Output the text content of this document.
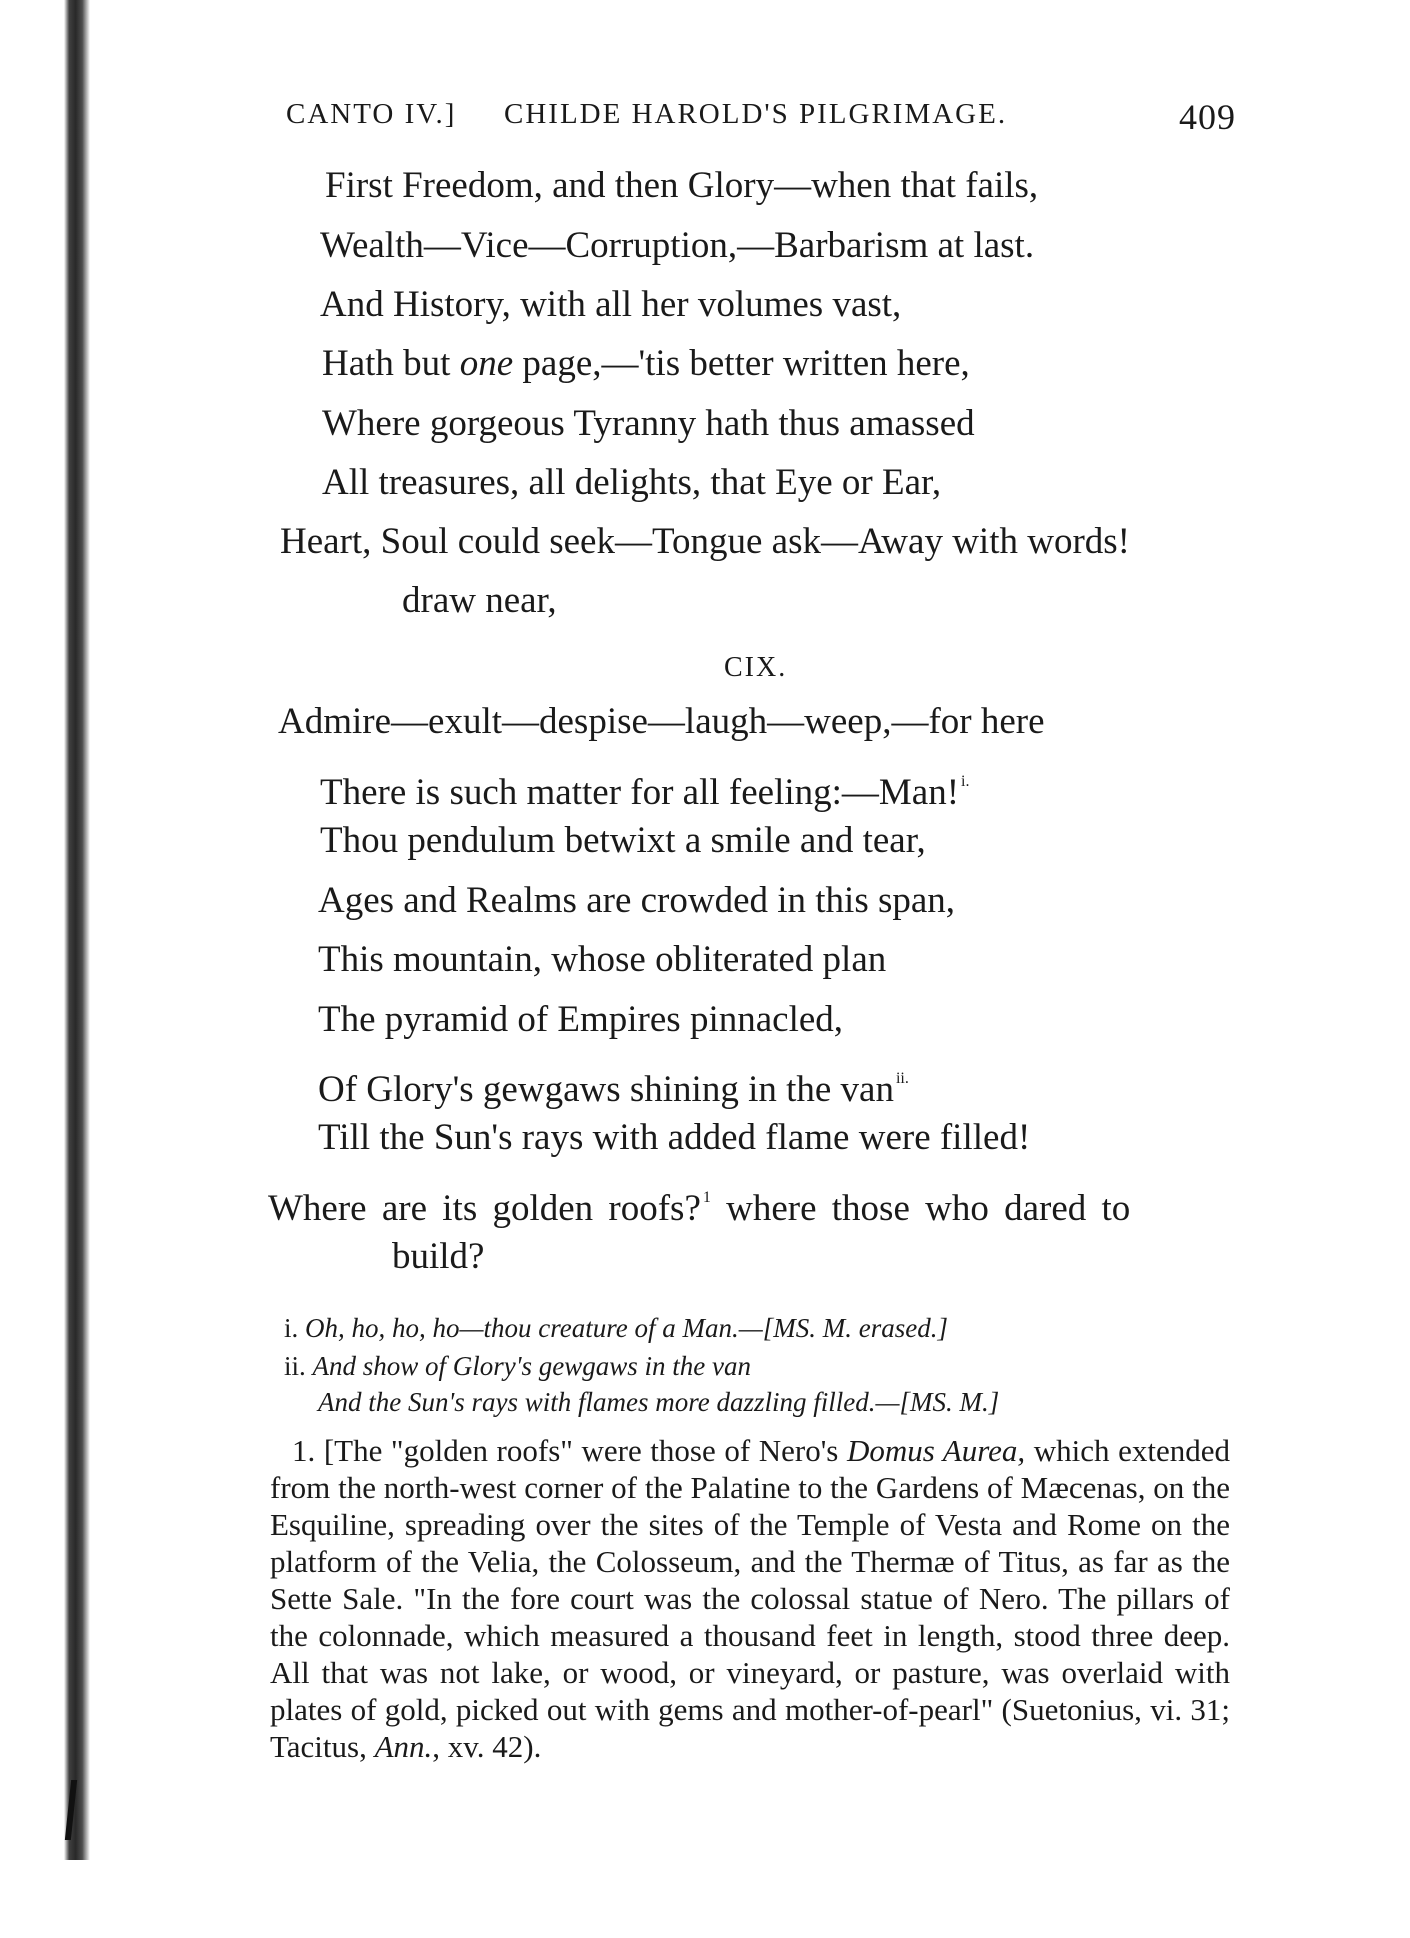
CANTO IV.] CHILDE HAROLD'S PILGRIMAGE.	409
First Freedom, and then Glory—when that fails,
Wealth—Vice—Corruption,—Barbarism at last.
And History, with all her volumes vast,
Hath but one page,—'tis better written here,
Where gorgeous Tyranny hath thus amassed
All treasures, all delights, that Eye or Ear,
Heart, Soul could seek—Tongue ask—Away with words!
draw near,
CIX.
Admire—exult—despise—laugh—weep,—for here
There is such matter for all feeling:—Man! $^{i.}$
Thou pendulum betwixt a smile and tear,
Ages and Realms are crowded in this span,
This mountain, whose obliterated plan
The pyramid of Empires pinnacled,
Of Glory's gewgaws shining in the van $^{ii.}$
Till the Sun's rays with added flame were filled!
Where are its golden roofs? $^1$ where those who dared to
build?
i. Oh, ho, ho, ho—thou creature of a Man.—[MS. M. erased.]
ii. And show of Glory's gewgaws in the van
And the Sun's rays with flames more dazzling filled.—[MS. M.]

1. [The "golden roofs" were those of Nero's Domus Aurea, which extended from the north-west corner of the Palatine to the Gardens of Mæcenas, on the Esquiline, spreading over the sites of the Temple of Vesta and Rome on the platform of the Velia, the Colosseum, and the Thermæ of Titus, as far as the Sette Sale. "In the fore court was the colossal statue of Nero. The pillars of the colonnade, which measured a thousand feet in length, stood three deep. All that was not lake, or wood, or vineyard, or pasture, was overlaid with plates of gold, picked out with gems and mother-of-pearl" (Suetonius, vi. 31; Tacitus, Ann., xv. 42).
